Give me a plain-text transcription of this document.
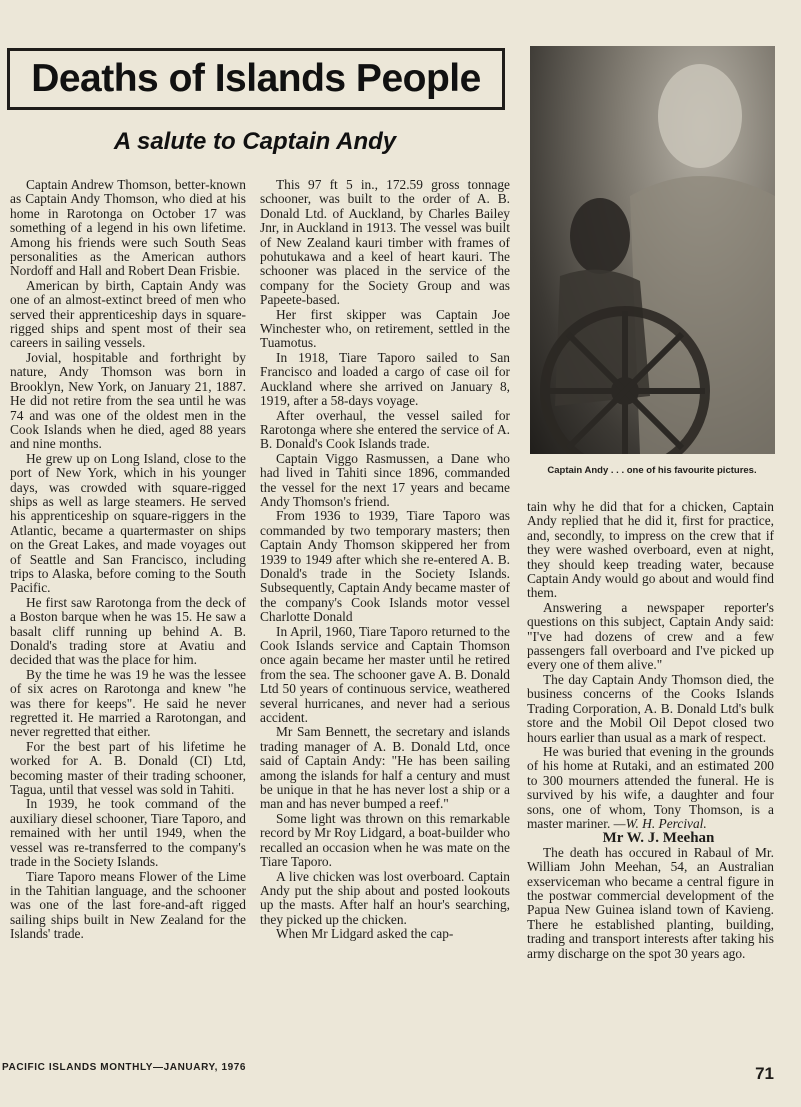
Deaths of Islands People
A salute to Captain Andy

Captain Andrew Thomson, better-known as Captain Andy Thomson, who died at his home in Rarotonga on October 17 was something of a legend in his own lifetime. Among his friends were such South Seas personalities as the American authors Nordoff and Hall and Robert Dean Frisbie.

American by birth, Captain Andy was one of an almost-extinct breed of men who served their apprenticeship days in square-rigged ships and spent most of their sea careers in sailing vessels.

Jovial, hospitable and forthright by nature, Andy Thomson was born in Brooklyn, New York, on January 21, 1887. He did not retire from the sea until he was 74 and was one of the oldest men in the Cook Islands when he died, aged 88 years and nine months.

He grew up on Long Island, close to the port of New York, which in his younger days, was crowded with square-rigged ships as well as large steamers. He served his apprenticeship on square-riggers in the Atlantic, became a quartermaster on ships on the Great Lakes, and made voyages out of Seattle and San Francisco, including trips to Alaska, before coming to the South Pacific.

He first saw Rarotonga from the deck of a Boston barque when he was 15. He saw a basalt cliff running up behind A. B. Donald's trading store at Avatiu and decided that was the place for him.

By the time he was 19 he was the lessee of six acres on Rarotonga and knew "he was there for keeps". He said he never regretted it. He married a Rarotongan, and never regretted that either.

For the best part of his lifetime he worked for A. B. Donald (CI) Ltd, becoming master of their trading schooner, Tagua, until that vessel was sold in Tahiti.

In 1939, he took command of the auxiliary diesel schooner, Tiare Taporo, and remained with her until 1949, when the vessel was re-transferred to the company's trade in the Society Islands.

Tiare Taporo means Flower of the Lime in the Tahitian language, and the schooner was one of the last fore-and-aft rigged sailing ships built in New Zealand for the Islands' trade.

This 97 ft 5 in., 172.59 gross tonnage schooner, was built to the order of A. B. Donald Ltd. of Auckland, by Charles Bailey Jnr, in Auckland in 1913. The vessel was built of New Zealand kauri timber with frames of pohutukawa and a keel of heart kauri. The schooner was placed in the service of the company for the Society Group and was Papeete-based.

Her first skipper was Captain Joe Winchester who, on retirement, settled in the Tuamotus.

In 1918, Tiare Taporo sailed to San Francisco and loaded a cargo of case oil for Auckland where she arrived on January 8, 1919, after a 58-days voyage.

After overhaul, the vessel sailed for Rarotonga where she entered the service of A. B. Donald's Cook Islands trade.

Captain Viggo Rasmussen, a Dane who had lived in Tahiti since 1896, commanded the vessel for the next 17 years and became Andy Thomson's friend.

From 1936 to 1939, Tiare Taporo was commanded by two temporary masters; then Captain Andy Thomson skippered her from 1939 to 1949 after which she re-entered A. B. Donald's trade in the Society Islands. Subsequently, Captain Andy became master of the company's Cook Islands motor vessel Charlotte Donald

In April, 1960, Tiare Taporo returned to the Cook Islands service and Captain Thomson once again became her master until he retired from the sea. The schooner gave A. B. Donald Ltd 50 years of continuous service, weathered several hurricanes, and never had a serious accident.

Mr Sam Bennett, the secretary and islands trading manager of A. B. Donald Ltd, once said of Captain Andy: "He has been sailing among the islands for half a century and must be unique in that he has never lost a ship or a man and has never bumped a reef."

Some light was thrown on this remarkable record by Mr Roy Lidgard, a boat-builder who recalled an occasion when he was mate on the Tiare Taporo.

A live chicken was lost overboard. Captain Andy put the ship about and posted lookouts up the masts. After half an hour's searching, they picked up the chicken.

When Mr Lidgard asked the cap-

Captain Andy . . . one of his favourite pictures.

tain why he did that for a chicken, Captain Andy replied that he did it, first for practice, and, secondly, to impress on the crew that if they were washed overboard, even at night, they should keep treading water, because Captain Andy would go about and would find them.

Answering a newspaper reporter's questions on this subject, Captain Andy said: "I've had dozens of crew and a few passengers fall overboard and I've picked up every one of them alive."

The day Captain Andy Thomson died, the business concerns of the Cooks Islands Trading Corporation, A. B. Donald Ltd's bulk store and the Mobil Oil Depot closed two hours earlier than usual as a mark of respect.

He was buried that evening in the grounds of his home at Rutaki, and an estimated 200 to 300 mourners attended the funeral. He is survived by his wife, a daughter and four sons, one of whom, Tony Thomson, is a master mariner. —W. H. Percival.

Mr W. J. Meehan

The death has occured in Rabaul of Mr. William John Meehan, 54, an Australian exserviceman who became a central figure in the postwar commercial development of the Papua New Guinea island town of Kavieng. There he established planting, building, trading and transport interests after taking his army discharge on the spot 30 years ago.

PACIFIC ISLANDS MONTHLY—JANUARY, 1976	71
